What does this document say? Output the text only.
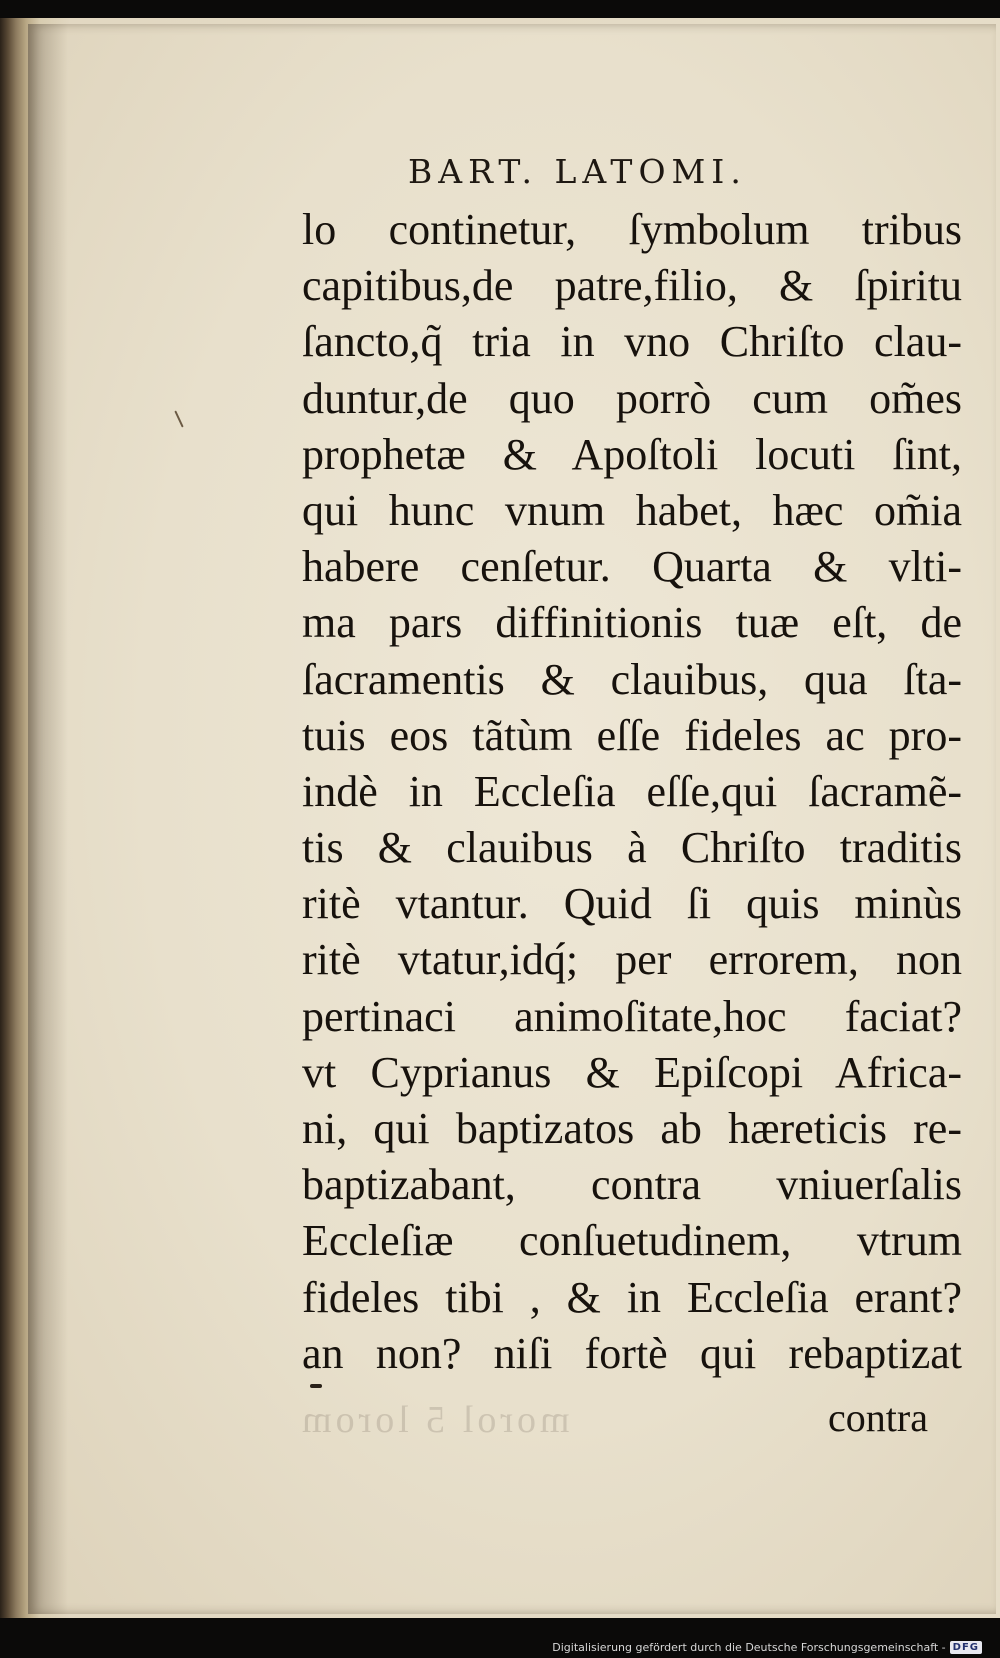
BART. LATOMI.
lo continetur, ſymbolum tribus
capitibus,de patre,filio, & ſpiritu
ſancto,q̃ tria in vno Chriſto clau-
duntur,de quo porrò cum om̃es
prophetæ & Apoſtoli locuti ſint,
qui hunc vnum habet, hæc om̃ia
habere cenſetur. Quarta & vlti-
ma pars diffinitionis tuæ eſt, de
ſacramentis & clauibus, qua ſta-
tuis eos tãtùm eſſe fideles ac pro-
indè in Eccleſia eſſe,qui ſacramẽ-
tis & clauibus à Chriſto traditis
ritè vtantur. Quid ſi quis minùs
ritè vtatur,idq́; per errorem, non
pertinaci animoſitate,hoc faciat?
vt Cyprianus & Epiſcopi Africa-
ni, qui baptizatos ab hæreticis re-
baptizabant, contra vniuerſalis
Eccleſiæ conſuetudinem, vtrum
fideles tibi , & in Eccleſia erant?
an non? niſi fortè qui rebaptizat
morol 5 lorom	contra
Digitalisierung gefördert durch die Deutsche Forschungsgemeinschaft - DFG
